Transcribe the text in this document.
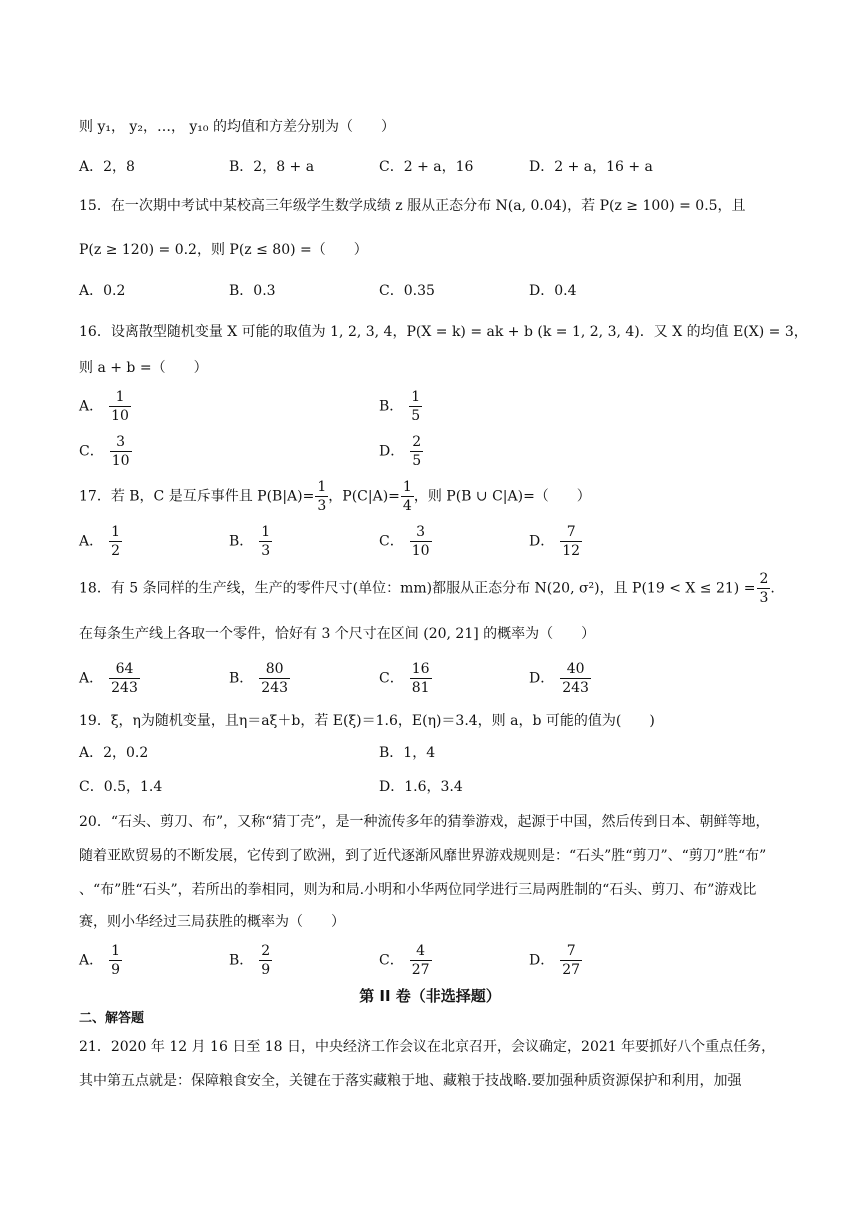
则 y₁， y₂，…， y₁₀ 的均值和方差分别为（　　）
A．2，8	B．2，8 + a	C．2 + a，16	D．2 + a，16 + a
15．在一次期中考试中某校高三年级学生数学成绩 z 服从正态分布 N(a, 0.04)，若 P(z ≥ 100) = 0.5，且
P(z ≥ 120) = 0.2，则 P(z ≤ 80) =（　　）
A．0.2	B．0.3	C．0.35	D．0.4
16．设离散型随机变量 X 可能的取值为 1, 2, 3, 4，P(X = k) = ak + b (k = 1, 2, 3, 4)．又 X 的均值 E(X) = 3，
则 a + b =（　　）
A． $\frac{1}{10}$	B． $\frac{1}{5}$
C． $\frac{3}{10}$	D． $\frac{2}{5}$
17．若 B，C 是互斥事件且 $P(B|A)= \frac{1}{3}$ ，$P(C|A)= \frac{1}{4}$ ，则 P(B ∪ C|A)=（　　）
A． $\frac{1}{2}$	B． $\frac{1}{3}$	C． $\frac{3}{10}$	D． $\frac{7}{12}$
18．有 5 条同样的生产线，生产的零件尺寸(单位：mm)都服从正态分布 N(20, σ²)，且 $P(19 < X \le 21) = \frac{2}{3}$ .
在每条生产线上各取一个零件，恰好有 3 个尺寸在区间 (20, 21] 的概率为（　　）
A． $\frac{64}{243}$	B． $\frac{80}{243}$	C． $\frac{16}{81}$	D． $\frac{40}{243}$
19．ξ，η为随机变量，且η＝aξ＋b，若 E(ξ)＝1.6，E(η)＝3.4，则 a，b 可能的值为(　　)
A．2，0.2	B．1，4
C．0.5，1.4	D．1.6，3.4
20．“石头、剪刀、布”，又称“猜丁壳”，是一种流传多年的猜拳游戏，起源于中国，然后传到日本、朝鲜等地，
随着亚欧贸易的不断发展，它传到了欧洲，到了近代逐渐风靡世界游戏规则是：“石头”胜“剪刀”、“剪刀”胜“布”
、“布”胜“石头”，若所出的拳相同，则为和局.小明和小华两位同学进行三局两胜制的“石头、剪刀、布”游戏比
赛，则小华经过三局获胜的概率为（　　）
A． $\frac{1}{9}$	B． $\frac{2}{9}$	C． $\frac{4}{27}$	D． $\frac{7}{27}$
第 II 卷（非选择题）
二、解答题
21．2020 年 12 月 16 日至 18 日，中央经济工作会议在北京召开，会议确定，2021 年要抓好八个重点任务，
其中第五点就是：保障粮食安全，关键在于落实藏粮于地、藏粮于技战略.要加强种质资源保护和利用，加强
